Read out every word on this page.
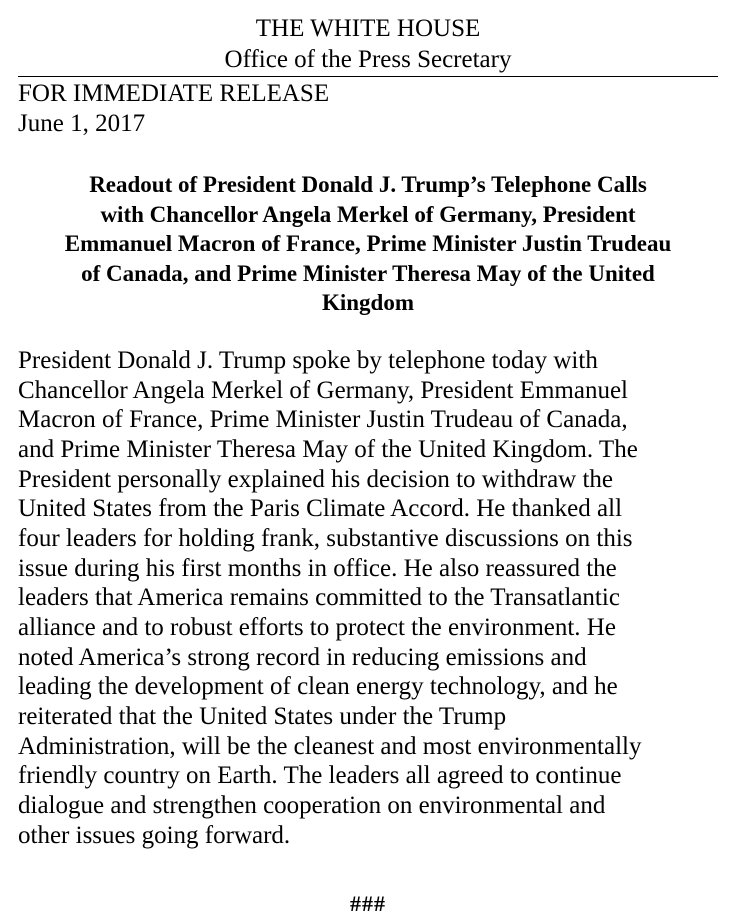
THE WHITE HOUSE
Office of the Press Secretary
FOR IMMEDIATE RELEASE
June 1, 2017
Readout of President Donald J. Trump’s Telephone Calls
with Chancellor Angela Merkel of Germany, President
Emmanuel Macron of France, Prime Minister Justin Trudeau
of Canada, and Prime Minister Theresa May of the United
Kingdom
President Donald J. Trump spoke by telephone today with
Chancellor Angela Merkel of Germany, President Emmanuel
Macron of France, Prime Minister Justin Trudeau of Canada,
and Prime Minister Theresa May of the United Kingdom. The
President personally explained his decision to withdraw the
United States from the Paris Climate Accord. He thanked all
four leaders for holding frank, substantive discussions on this
issue during his first months in office. He also reassured the
leaders that America remains committed to the Transatlantic
alliance and to robust efforts to protect the environment. He
noted America’s strong record in reducing emissions and
leading the development of clean energy technology, and he
reiterated that the United States under the Trump
Administration, will be the cleanest and most environmentally
friendly country on Earth. The leaders all agreed to continue
dialogue and strengthen cooperation on environmental and
other issues going forward.
###
